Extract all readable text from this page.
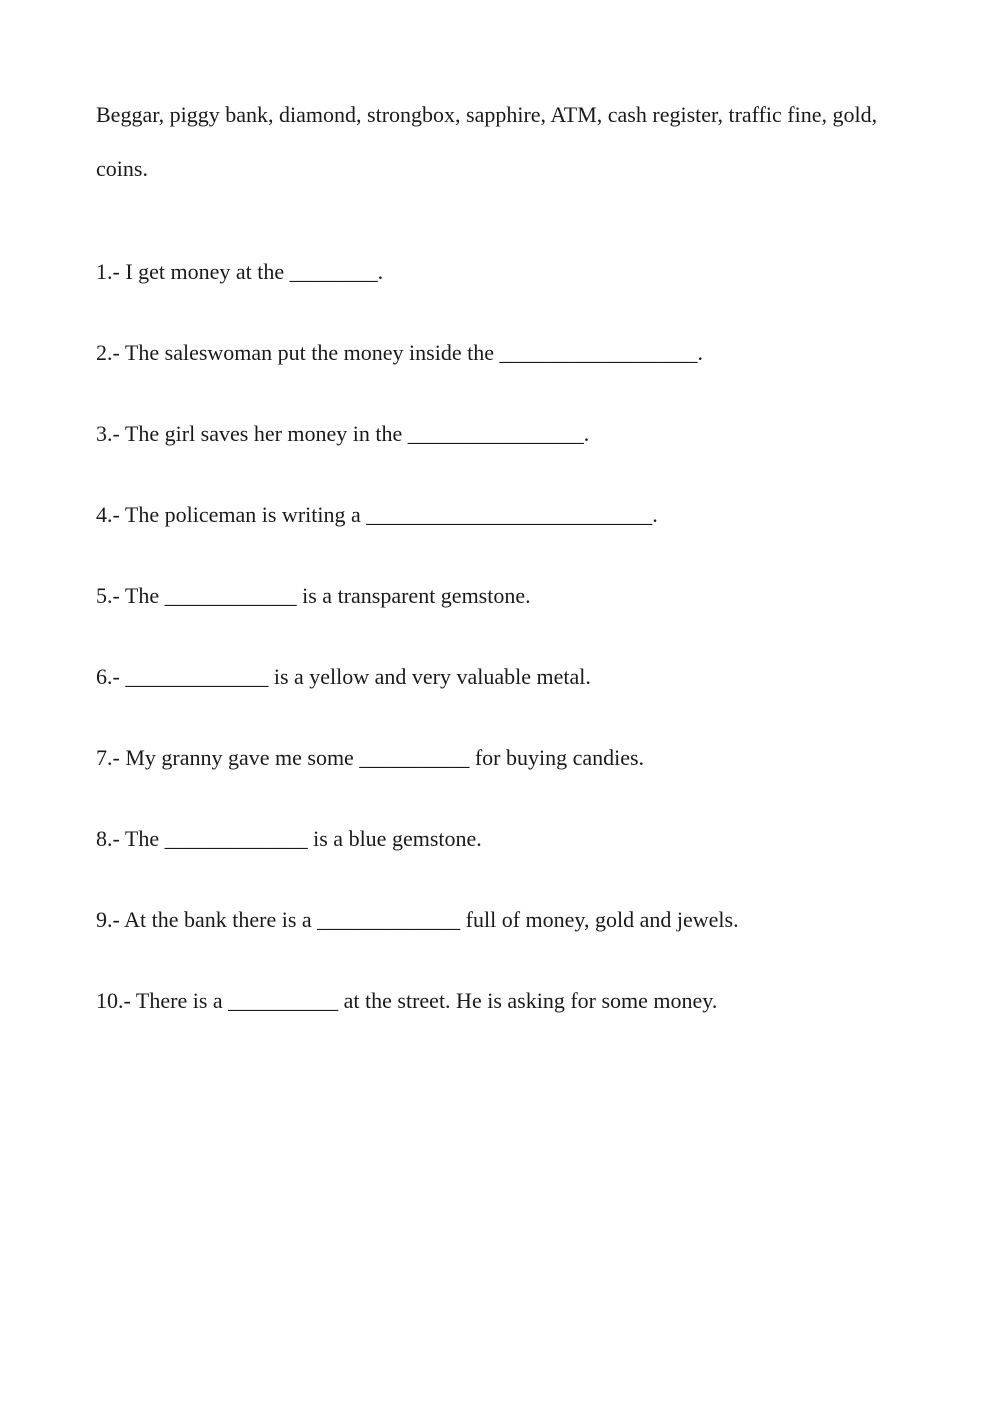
Beggar, piggy bank, diamond, strongbox, sapphire, ATM, cash register, traffic fine, gold, coins.

1.- I get money at the ________.
2.- The saleswoman put the money inside the __________________.
3.- The girl saves her money in the ________________.
4.- The policeman is writing a __________________________.
5.- The ____________ is a transparent gemstone.
6.- _____________ is a yellow and very valuable metal.
7.- My granny gave me some __________ for buying candies.
8.- The _____________ is a blue gemstone.
9.- At the bank there is a _____________ full of money, gold and jewels.
10.- There is a __________ at the street. He is asking for some money.
